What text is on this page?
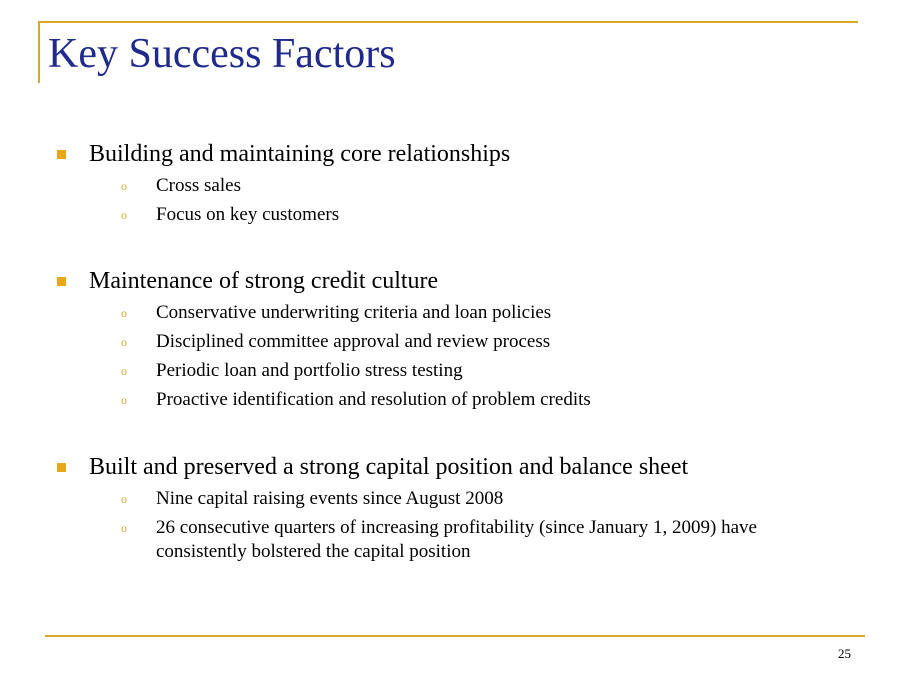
Key Success Factors
Building and maintaining core relationships
o Cross sales
o Focus on key customers
Maintenance of strong credit culture
o Conservative underwriting criteria and loan policies
o Disciplined committee approval and review process
o Periodic loan and portfolio stress testing
o Proactive identification and resolution of problem credits
Built and preserved a strong capital position and balance sheet
o Nine capital raising events since August 2008
o 26 consecutive quarters of increasing profitability (since January 1, 2009) have consistently bolstered the capital position
25
